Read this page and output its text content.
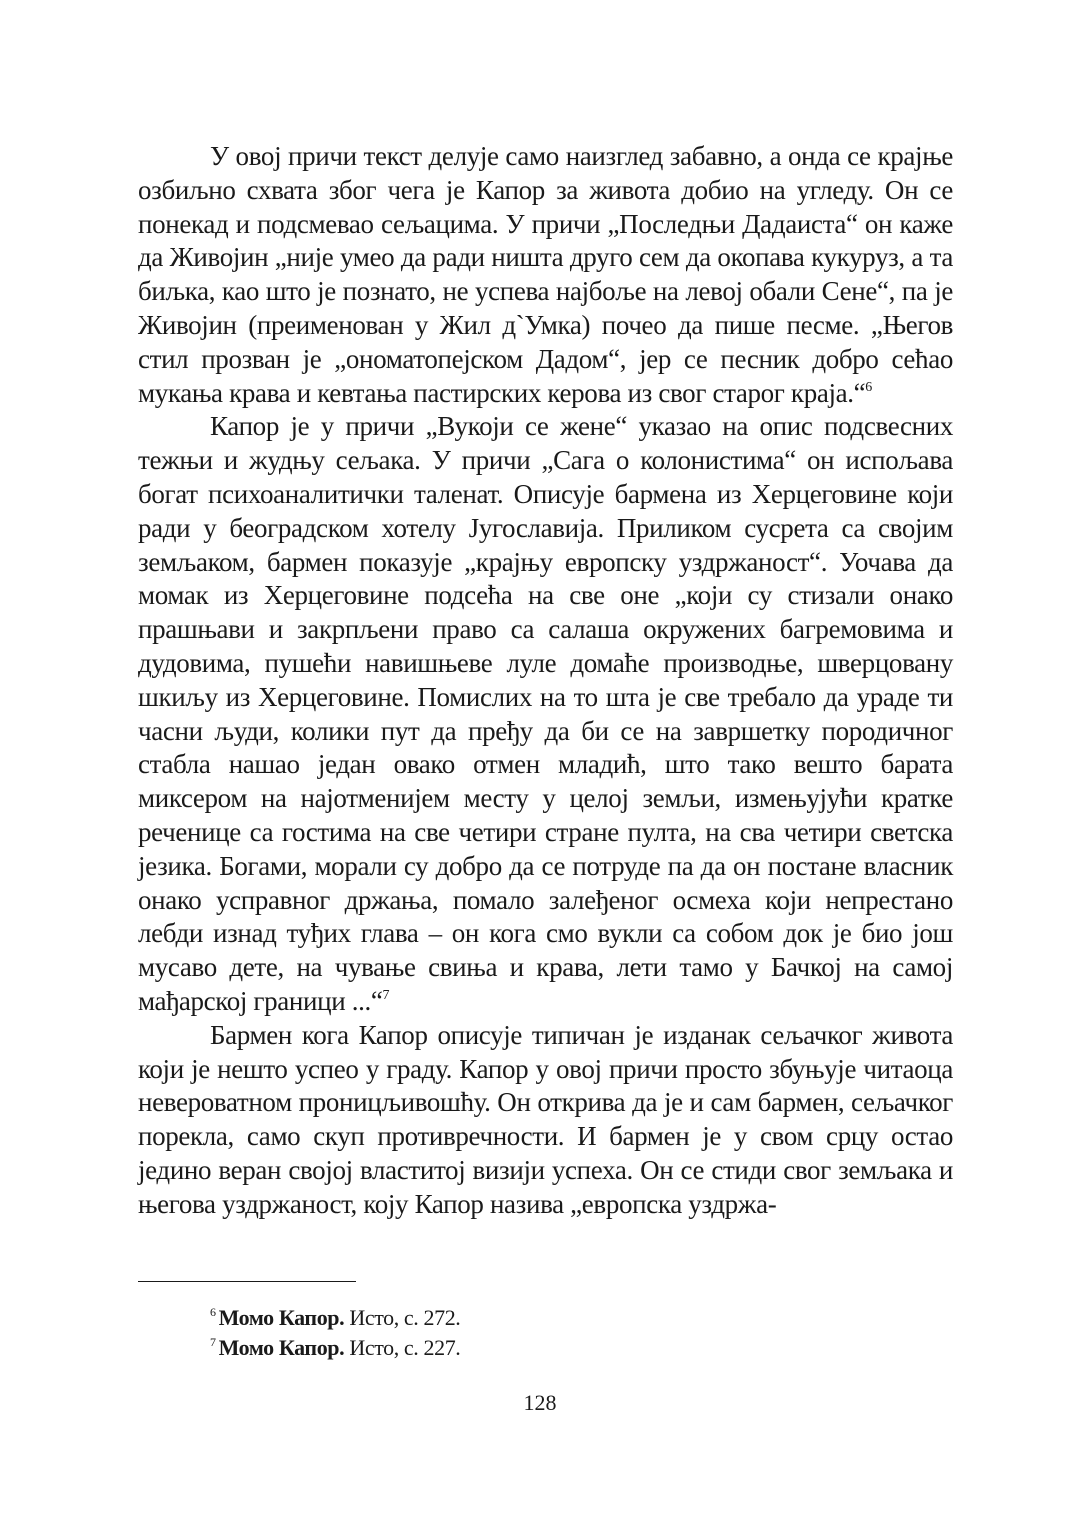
У овој причи текст делује само наизглед забавно, а онда се крајње озбиљно схвата због чега је Капор за живота добио на угледу. Он се понекад и подсмевао сељацима. У причи „Последњи Дадаиста“ он каже да Живојин „није умео да ради ништа друго сем да окопава кукуруз, а та биљка, као што је познато, не успева најбоље на левој обали Сене“, па је Живојин (преименован у Жил д`Умка) почео да пише песме. „Његов стил прозван је „ономатопејском Дадом“, јер се песник добро сећао мукања крава и кевтања пастирских керова из свог старог краја.“$^6$

Капор је у причи „Вукоји се жене“ указао на опис подсвесних тежњи и жудњу сељака. У причи „Сага о колонистима“ он испољава богат психоаналитички таленат. Описује бармена из Херцеговине који ради у београдском хотелу Југославија. Приликом сусрета са својим земљаком, бармен показује „крајњу европску уздржаност“. Уочава да момак из Херцеговине подсећа на све оне „који су стизали онако прашњави и закрпљени право са салаша окружених багремовима и дудовима, пушећи навишњеве луле домаће производње, шверцовану шкиљу из Херцеговине. Помислих на то шта је све требало да ураде ти часни људи, колики пут да пређу да би се на завршетку породичног стабла нашао један овако отмен младић, што тако вешто барата миксером на најотменијем месту у целој земљи, измењујући кратке реченице са гостима на све четири стране пулта, на сва четири светска језика. Богами, морали су добро да се потруде па да он постане власник онако усправног држања, помало залеђеног осмеха који непрестано лебди изнад туђих глава – он кога смо вукли са собом док је био још мусаво дете, на чување свиња и крава, лети тамо у Бачкој на самој мађарској граници ...“$^7$

Бармен кога Капор описује типичан је изданак сељачког живота који је нешто успео у граду. Капор у овој причи просто збуњује читаоца невероватном проницљивошћу. Он открива да је и сам бармен, сељачког порекла, само скуп противречности. И бармен је у свом срцу остао једино веран својој властитој визији успеха. Он се стиди свог земљака и његова уздржаност, коју Капор назива „европска уздржа-

$^6$ Момо Капор. Исто, с. 272.
$^7$ Момо Капор. Исто, с. 227.
128
